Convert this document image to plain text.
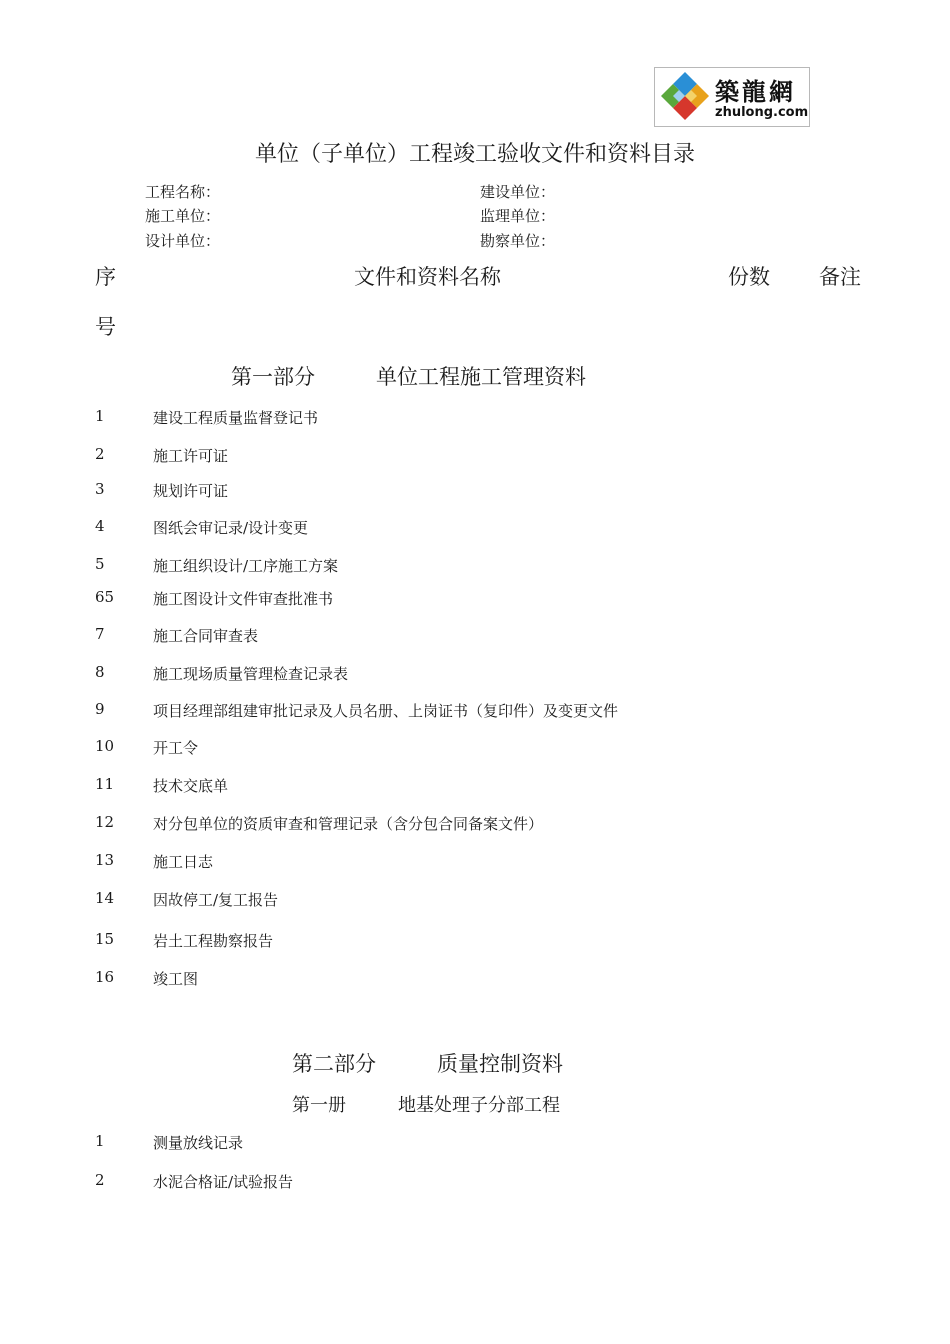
築龍網
zhulong.com
单位（子单位）工程竣工验收文件和资料目录
工程名称：	建设单位：
施工单位：	监理单位：
设计单位：	勘察单位：
序
号
文件和资料名称	份数 备注
第一部分	单位工程施工管理资料
1	建设工程质量监督登记书
2	施工许可证
3	规划许可证
4	图纸会审记录/设计变更
5	施工组织设计/工序施工方案
65	施工图设计文件审查批准书
7	施工合同审查表
8	施工现场质量管理检查记录表
9	项目经理部组建审批记录及人员名册、上岗证书（复印件）及变更文件
10	开工令
11	技术交底单
12	对分包单位的资质审查和管理记录（含分包合同备案文件）
13	施工日志
14	因故停工/复工报告
15	岩土工程勘察报告
16	竣工图
第二部分	质量控制资料
第一册	地基处理子分部工程
1	测量放线记录
2	水泥合格证/试验报告
